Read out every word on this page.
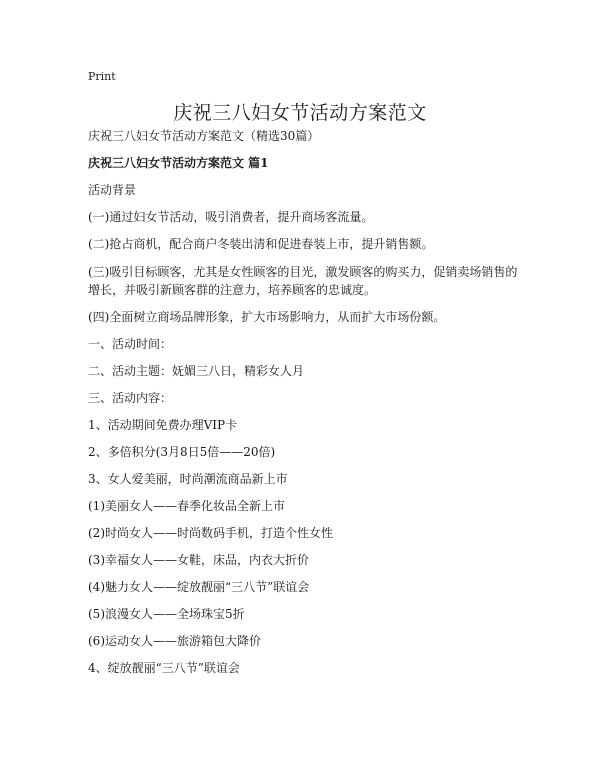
Print
庆祝三八妇女节活动方案范文

庆祝三八妇女节活动方案范文（精选30篇）

庆祝三八妇女节活动方案范文 篇1

活动背景

(一)通过妇女节活动，吸引消费者，提升商场客流量。

(二)抢占商机，配合商户冬装出清和促进春装上市，提升销售额。

(三)吸引目标顾客，尤其是女性顾客的目光，激发顾客的购买力，促销卖场销售的增长，并吸引新顾客群的注意力，培养顾客的忠诚度。

(四)全面树立商场品牌形象，扩大市场影响力，从而扩大市场份额。

一、活动时间：

二、活动主题：妩媚三八日，精彩女人月

三、活动内容：

1、活动期间免费办理VIP卡

2、多倍积分(3月8日5倍——20倍)

3、女人爱美丽，时尚潮流商品新上市

(1)美丽女人——春季化妆品全新上市

(2)时尚女人——时尚数码手机，打造个性女性

(3)幸福女人——女鞋，床品，内衣大折价

(4)魅力女人——绽放靓丽“三八节”联谊会

(5)浪漫女人——全场珠宝5折

(6)运动女人——旅游箱包大降价

4、绽放靓丽“三八节”联谊会
